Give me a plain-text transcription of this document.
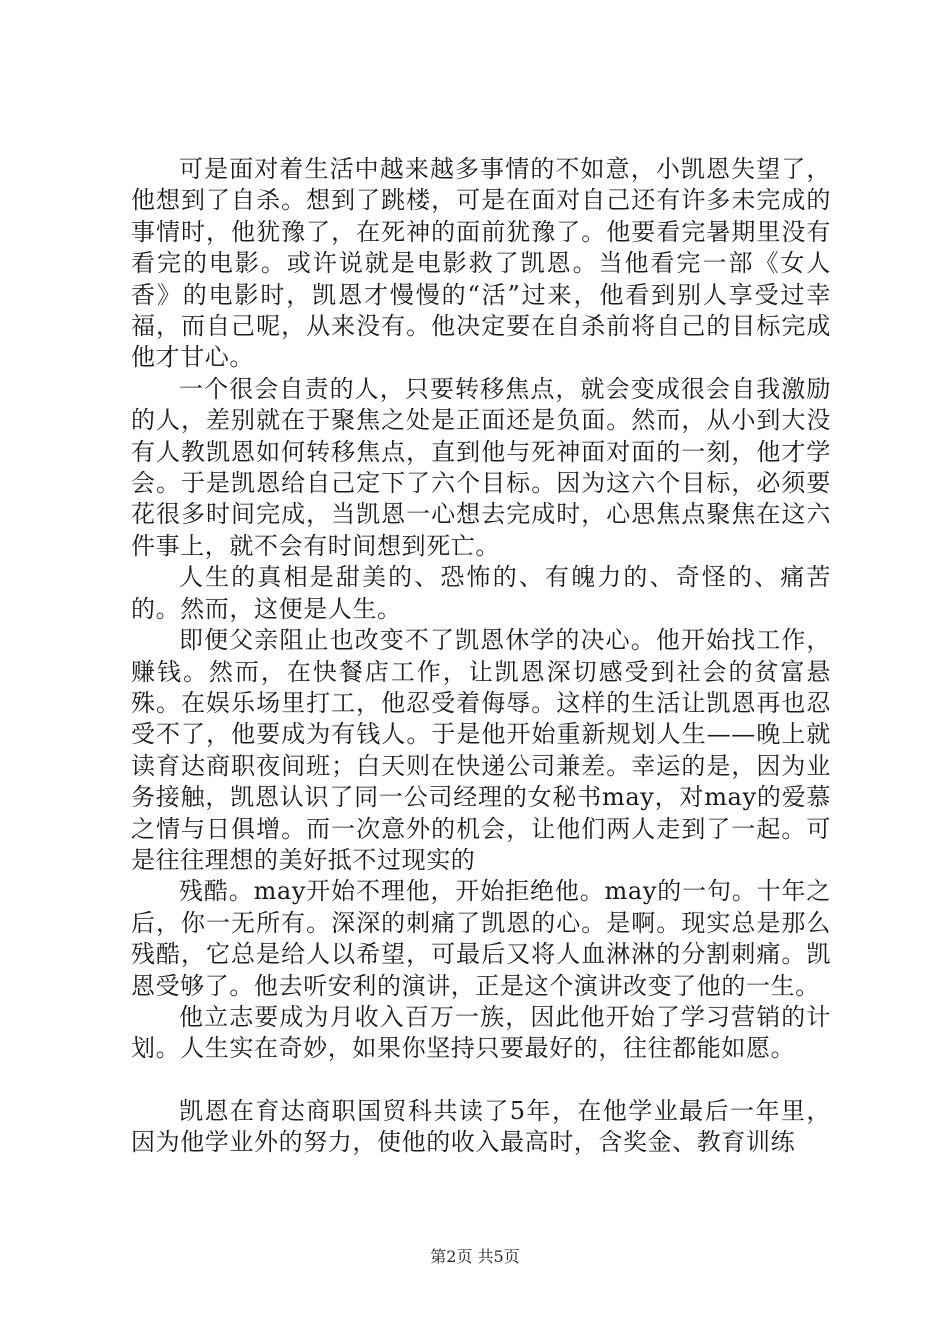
可是面对着生活中越来越多事情的不如意，小凯恩失望了，他想到了自杀。想到了跳楼，可是在面对自己还有许多未完成的事情时，他犹豫了，在死神的面前犹豫了。他要看完暑期里没有看完的电影。或许说就是电影救了凯恩。当他看完一部《女人香》的电影时，凯恩才慢慢的“活”过来，他看到别人享受过幸福，而自己呢，从来没有。他决定要在自杀前将自己的目标完成他才甘心。

一个很会自责的人，只要转移焦点，就会变成很会自我激励的人，差别就在于聚焦之处是正面还是负面。然而，从小到大没有人教凯恩如何转移焦点，直到他与死神面对面的一刻，他才学会。于是凯恩给自己定下了六个目标。因为这六个目标，必须要花很多时间完成，当凯恩一心想去完成时，心思焦点聚焦在这六件事上，就不会有时间想到死亡。

人生的真相是甜美的、恐怖的、有魄力的、奇怪的、痛苦的。然而，这便是人生。

即便父亲阻止也改变不了凯恩休学的决心。他开始找工作，赚钱。然而，在快餐店工作，让凯恩深切感受到社会的贫富悬殊。在娱乐场里打工，他忍受着侮辱。这样的生活让凯恩再也忍受不了，他要成为有钱人。于是他开始重新规划人生——晚上就读育达商职夜间班；白天则在快递公司兼差。幸运的是，因为业务接触，凯恩认识了同一公司经理的女秘书may，对may的爱慕之情与日俱增。而一次意外的机会，让他们两人走到了一起。可是往往理想的美好抵不过现实的

残酷。may开始不理他，开始拒绝他。may的一句。十年之后，你一无所有。深深的刺痛了凯恩的心。是啊。现实总是那么残酷，它总是给人以希望，可最后又将人血淋淋的分割刺痛。凯恩受够了。他去听安利的演讲，正是这个演讲改变了他的一生。

他立志要成为月收入百万一族，因此他开始了学习营销的计划。人生实在奇妙，如果你坚持只要最好的，往往都能如愿。

凯恩在育达商职国贸科共读了5年，在他学业最后一年里，因为他学业外的努力，使他的收入最高时，含奖金、教育训练

第2页 共5页
